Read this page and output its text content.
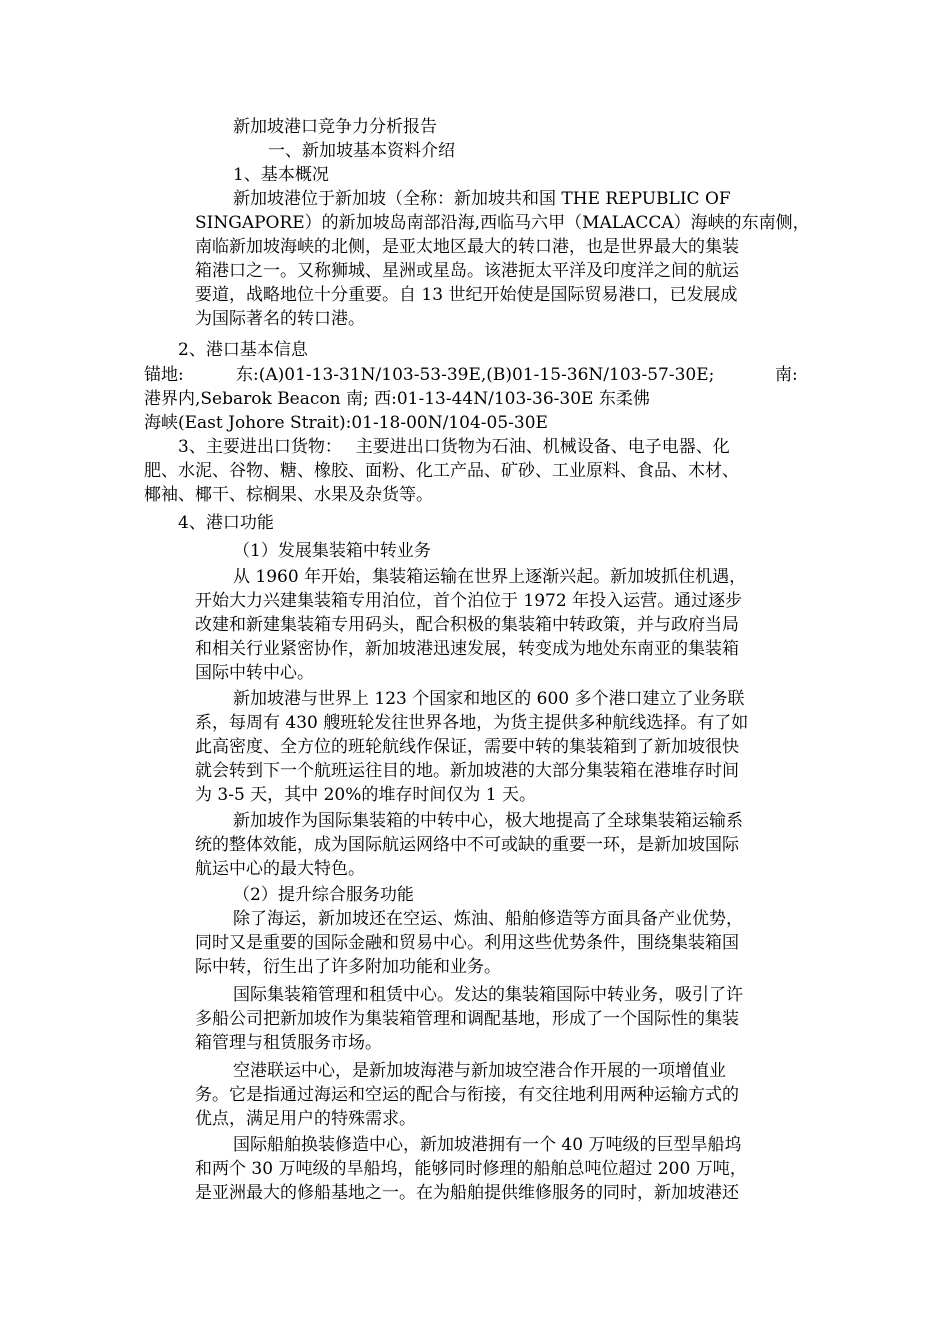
新加坡港口竞争力分析报告

一、新加坡基本资料介绍

1、基本概况

新加坡港位于新加坡（全称：新加坡共和国 THE REPUBLIC OF

SINGAPORE）的新加坡岛南部沿海,西临马六甲（MALACCA）海峡的东南侧，

南临新加坡海峡的北侧，是亚太地区最大的转口港，也是世界最大的集装

箱港口之一。又称狮城、星洲或星岛。该港扼太平洋及印度洋之间的航运

要道，战略地位十分重要。自 13 世纪开始使是国际贸易港口，已发展成

为国际著名的转口港。

2、港口基本信息

锚地:	东:(A)01-13-31N/103-53-39E,(B)01-15-36N/103-57-30E;	南:

港界内,Sebarok Beacon 南; 西:01-13-44N/103-36-30E 东柔佛

海峡(East Johore Strait):01-18-00N/104-05-30E

3、主要进出口货物：　 主要进出口货物为石油、机械设备、电子电器、化

肥、水泥、谷物、糖、橡胶、面粉、化工产品、矿砂、工业原料、食品、木材、

椰袖、椰干、棕榈果、水果及杂货等。

4、港口功能

（1）发展集装箱中转业务

从 1960 年开始，集装箱运输在世界上逐渐兴起。新加坡抓住机遇，

开始大力兴建集装箱专用泊位，首个泊位于 1972 年投入运营。通过逐步

改建和新建集装箱专用码头，配合积极的集装箱中转政策，并与政府当局

和相关行业紧密协作，新加坡港迅速发展，转变成为地处东南亚的集装箱

国际中转中心。

新加坡港与世界上 123 个国家和地区的 600 多个港口建立了业务联

系，每周有 430 艘班轮发往世界各地，为货主提供多种航线选择。有了如

此高密度、全方位的班轮航线作保证，需要中转的集装箱到了新加坡很快

就会转到下一个航班运往目的地。新加坡港的大部分集装箱在港堆存时间

为 3-5 天，其中 20%的堆存时间仅为 1 天。

新加坡作为国际集装箱的中转中心，极大地提高了全球集装箱运输系

统的整体效能，成为国际航运网络中不可或缺的重要一环，是新加坡国际

航运中心的最大特色。

（2）提升综合服务功能

除了海运，新加坡还在空运、炼油、船舶修造等方面具备产业优势，

同时又是重要的国际金融和贸易中心。利用这些优势条件，围绕集装箱国

际中转，衍生出了许多附加功能和业务。

国际集装箱管理和租赁中心。发达的集装箱国际中转业务，吸引了许

多船公司把新加坡作为集装箱管理和调配基地，形成了一个国际性的集装

箱管理与租赁服务市场。

空港联运中心，是新加坡海港与新加坡空港合作开展的一项增值业

务。它是指通过海运和空运的配合与衔接，有交往地利用两种运输方式的

优点，满足用户的特殊需求。

国际船舶换装修造中心，新加坡港拥有一个 40 万吨级的巨型旱船坞

和两个 30 万吨级的旱船坞，能够同时修理的船舶总吨位超过 200 万吨，

是亚洲最大的修船基地之一。在为船舶提供维修服务的同时，新加坡港还
